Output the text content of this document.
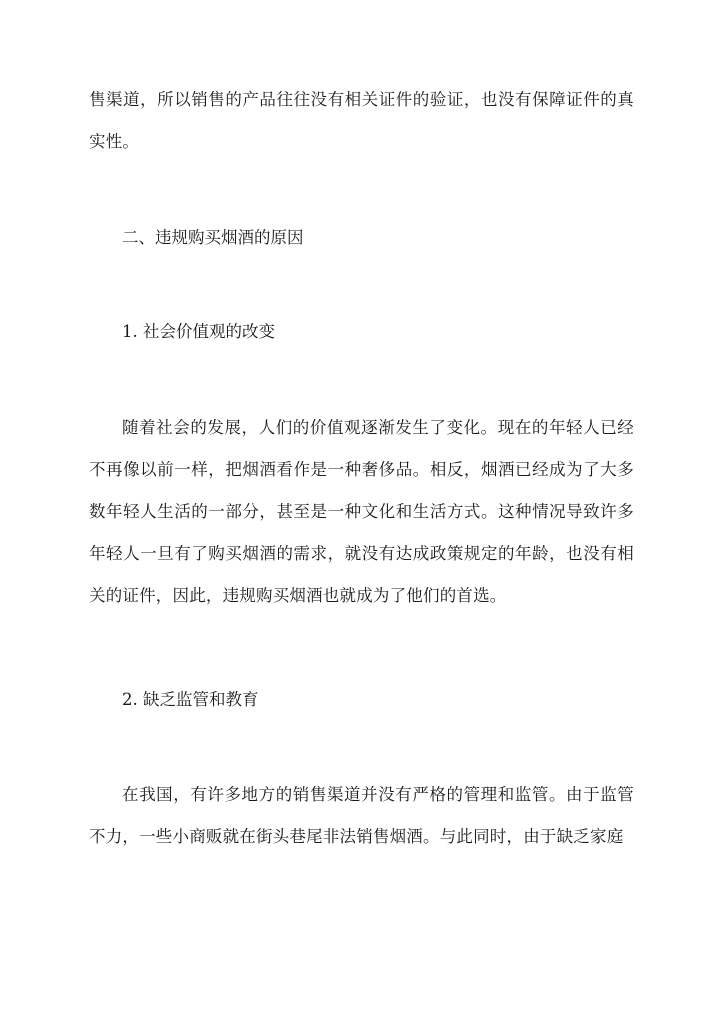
售渠道，所以销售的产品往往没有相关证件的验证，也没有保障证件的真实性。

二、违规购买烟酒的原因

1. 社会价值观的改变

随着社会的发展，人们的价值观逐渐发生了变化。现在的年轻人已经不再像以前一样，把烟酒看作是一种奢侈品。相反，烟酒已经成为了大多数年轻人生活的一部分，甚至是一种文化和生活方式。这种情况导致许多年轻人一旦有了购买烟酒的需求，就没有达成政策规定的年龄，也没有相关的证件，因此，违规购买烟酒也就成为了他们的首选。

2. 缺乏监管和教育

在我国，有许多地方的销售渠道并没有严格的管理和监管。由于监管不力，一些小商贩就在街头巷尾非法销售烟酒。与此同时，由于缺乏家庭
